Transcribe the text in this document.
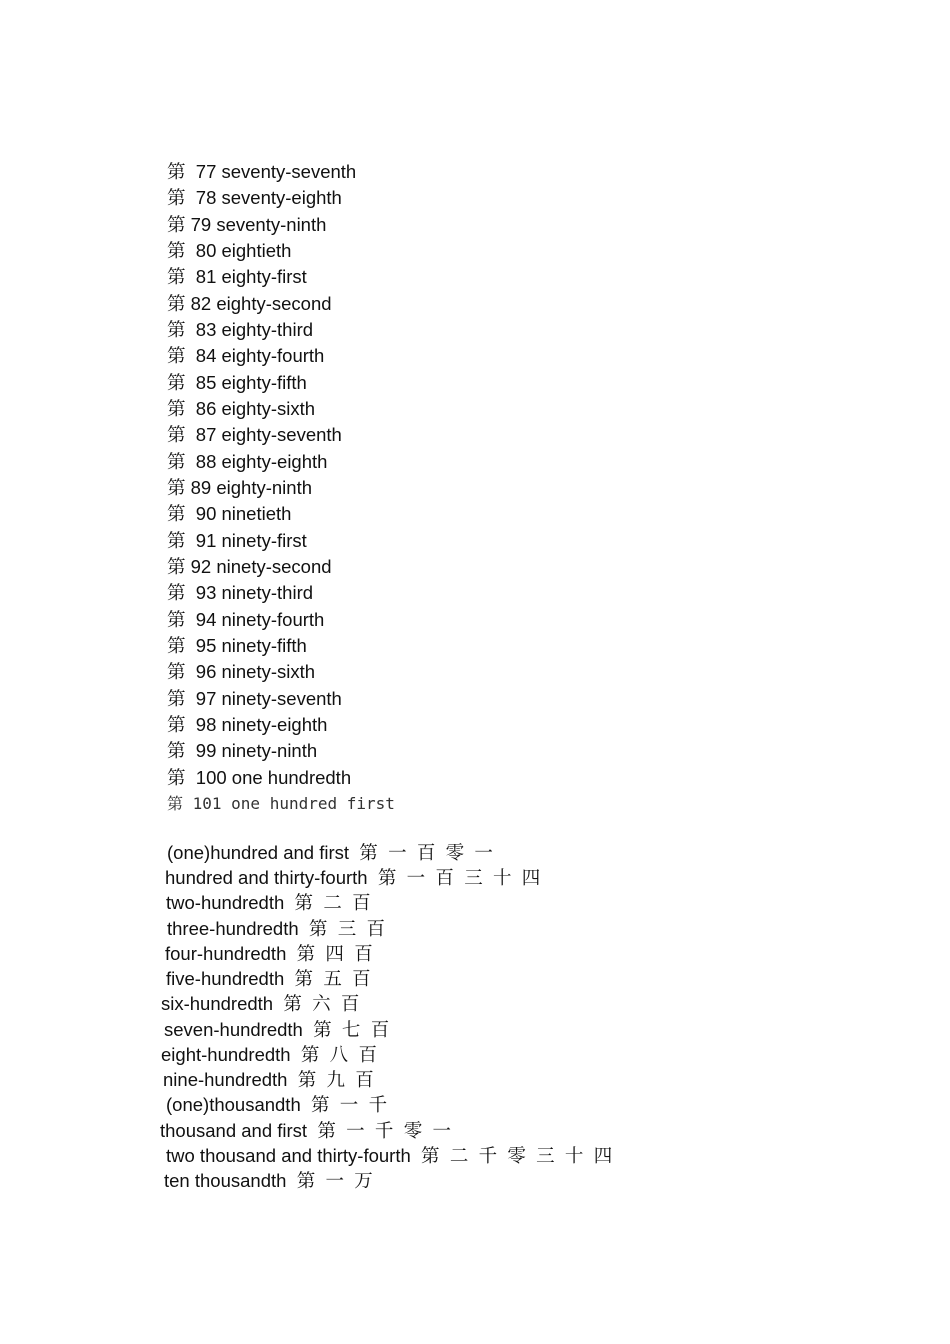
第  77 seventy-seventh
第  78 seventy-eighth
第 79 seventy-ninth
第  80 eightieth
第  81 eighty-first
第 82 eighty-second
第  83 eighty-third
第  84 eighty-fourth
第  85 eighty-fifth
第  86 eighty-sixth
第  87 eighty-seventh
第  88 eighty-eighth
第 89 eighty-ninth
第  90 ninetieth
第  91 ninety-first
第 92 ninety-second
第  93 ninety-third
第  94 ninety-fourth
第  95 ninety-fifth
第  96 ninety-sixth
第  97 ninety-seventh
第  98 ninety-eighth
第  99 ninety-ninth
第  100 one hundredth
第 101 one hundred first
(one)hundred and first  第  一  百  零  一
hundred and thirty-fourth  第  一  百  三  十  四
two-hundredth  第  二  百
three-hundredth  第  三  百
four-hundredth  第  四  百
five-hundredth  第  五  百
six-hundredth  第  六  百
seven-hundredth  第  七  百
eight-hundredth  第  八  百
nine-hundredth  第  九  百
(one)thousandth  第  一  千
thousand and first  第  一  千  零  一
two thousand and thirty-fourth  第  二  千  零  三  十  四
ten thousandth  第  一  万
